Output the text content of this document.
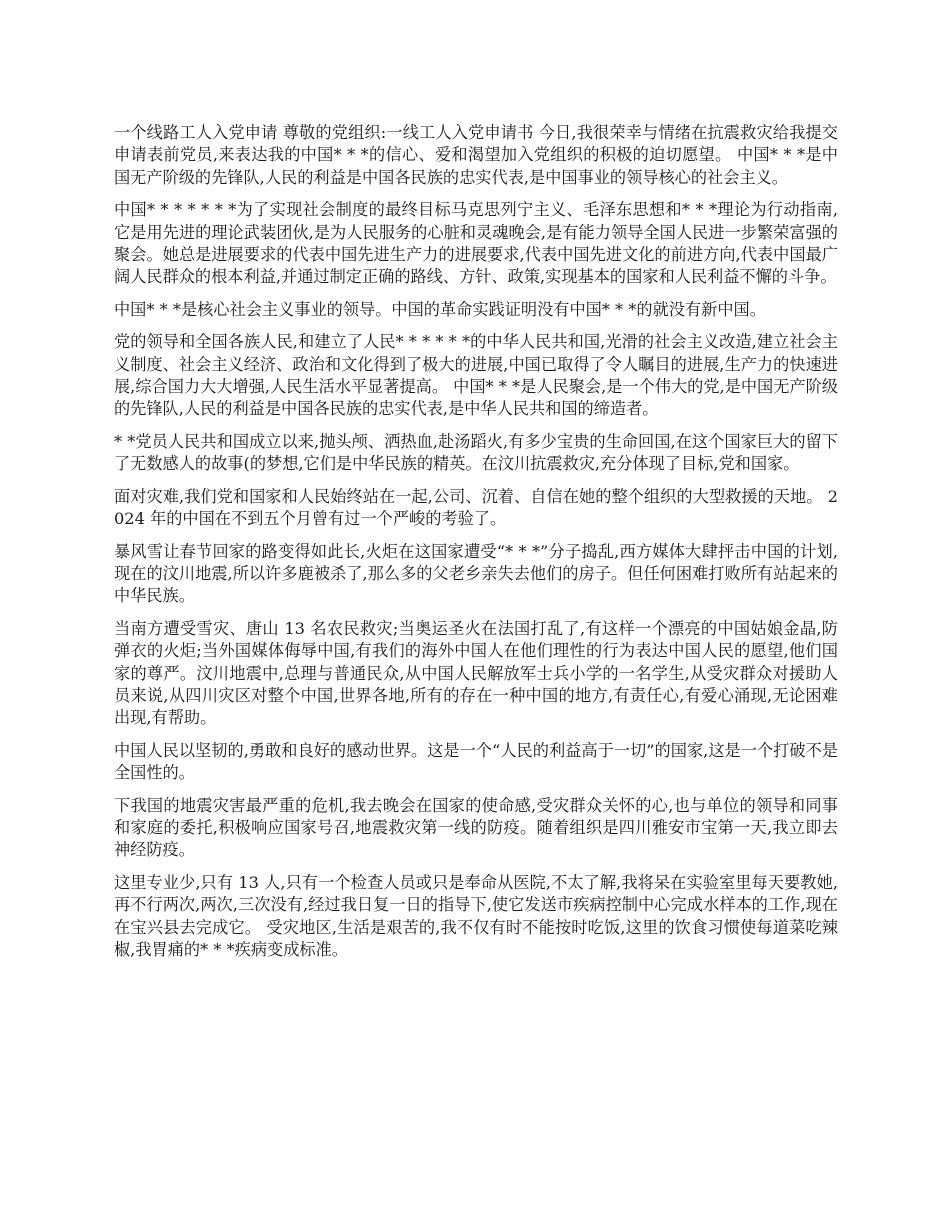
一个线路工人入党申请 尊敬的党组织:一线工人入党申请书 今日,我很荣幸与情绪在抗震救灾给我提交申请表前党员,来表达我的中国* * *的信心、爱和渴望加入党组织的积极的迫切愿望。 中国* * *是中国无产阶级的先锋队,人民的利益是中国各民族的忠实代表,是中国事业的领导核心的社会主义。

中国* * * * * * *为了实现社会制度的最终目标马克思列宁主义、毛泽东思想和* * *理论为行动指南,它是用先进的理论武装团伙,是为人民服务的心脏和灵魂晚会,是有能力领导全国人民进一步繁荣富强的聚会。她总是进展要求的代表中国先进生产力的进展要求,代表中国先进文化的前进方向,代表中国最广阔人民群众的根本利益,并通过制定正确的路线、方针、政策,实现基本的国家和人民利益不懈的斗争。

中国* * *是核心社会主义事业的领导。中国的革命实践证明没有中国* * *的就没有新中国。

党的领导和全国各族人民,和建立了人民* * * * * *的中华人民共和国,光滑的社会主义改造,建立社会主义制度、社会主义经济、政治和文化得到了极大的进展,中国已取得了令人瞩目的进展,生产力的快速进展,综合国力大大增强,人民生活水平显著提高。 中国* * *是人民聚会,是一个伟大的党,是中国无产阶级的先锋队,人民的利益是中国各民族的忠实代表,是中华人民共和国的缔造者。

* *党员人民共和国成立以来,抛头颅、洒热血,赴汤蹈火,有多少宝贵的生命回国,在这个国家巨大的留下了无数感人的故事(的梦想,它们是中华民族的精英。在汶川抗震救灾,充分体现了目标,党和国家。

面对灾难,我们党和国家和人民始终站在一起,公司、沉着、自信在她的整个组织的大型救援的天地。 2024 年的中国在不到五个月曾有过一个严峻的考验了。

暴风雪让春节回家的路变得如此长,火炬在这国家遭受“* * *”分子捣乱,西方媒体大肆抨击中国的计划,现在的汶川地震,所以许多鹿被杀了,那么多的父老乡亲失去他们的房子。但任何困难打败所有站起来的中华民族。

当南方遭受雪灾、唐山 13 名农民救灾;当奥运圣火在法国打乱了,有这样一个漂亮的中国姑娘金晶,防弹衣的火炬;当外国媒体侮辱中国,有我们的海外中国人在他们理性的行为表达中国人民的愿望,他们国家的尊严。汶川地震中,总理与普通民众,从中国人民解放军士兵小学的一名学生,从受灾群众对援助人员来说,从四川灾区对整个中国,世界各地,所有的存在一种中国的地方,有责任心,有爱心涌现,无论困难出现,有帮助。

中国人民以坚韧的,勇敢和良好的感动世界。这是一个“人民的利益高于一切”的国家,这是一个打破不是全国性的。

下我国的地震灾害最严重的危机,我去晚会在国家的使命感,受灾群众关怀的心,也与单位的领导和同事和家庭的委托,积极响应国家号召,地震救灾第一线的防疫。随着组织是四川雅安市宝第一天,我立即去神经防疫。

这里专业少,只有 13 人,只有一个检查人员或只是奉命从医院,不太了解,我将呆在实验室里每天要教她,再不行两次,两次,三次没有,经过我日复一日的指导下,使它发送市疾病控制中心完成水样本的工作,现在在宝兴县去完成它。 受灾地区,生活是艰苦的,我不仅有时不能按时吃饭,这里的饮食习惯使每道菜吃辣椒,我胃痛的* * *疾病变成标准。
